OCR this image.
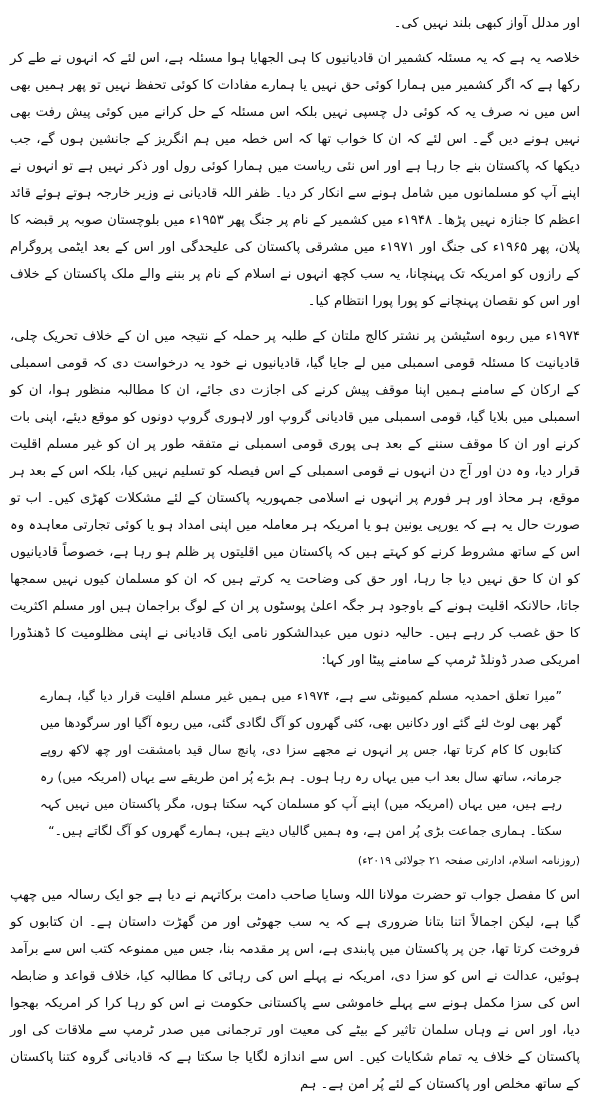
اور مدلل آواز کبھی بلند نہیں کی۔

خلاصہ یہ ہے کہ یہ مسئلہ کشمیر ان قادیانیوں کا ہی الجھایا ہوا مسئلہ ہے، اس لئے کہ انہوں نے طے کر رکھا ہے کہ اگر کشمیر میں ہمارا کوئی حق نہیں یا ہمارے مفادات کا کوئی تحفظ نہیں تو پھر ہمیں بھی اس میں نہ صرف یہ کہ کوئی دل چسپی نہیں بلکہ اس مسئلہ کے حل کرانے میں کوئی پیش رفت بھی نہیں ہونے دیں گے۔ اس لئے کہ ان کا خواب تھا کہ اس خطہ میں ہم انگریز کے جانشین ہوں گے، جب دیکھا کہ پاکستان بنے جا رہا ہے اور اس نئی ریاست میں ہمارا کوئی رول اور ذکر نہیں ہے تو انہوں نے اپنے آپ کو مسلمانوں میں شامل ہونے سے انکار کر دیا۔ ظفر اللہ قادیانی نے وزیر خارجہ ہوتے ہوئے قائد اعظم کا جنازہ نہیں پڑھا۔ ۱۹۴۸ء میں کشمیر کے نام پر جنگ پھر ۱۹۵۳ء میں بلوچستان صوبہ پر قبضہ کا پلان، پھر ۱۹۶۵ء کی جنگ اور ۱۹۷۱ء میں مشرقی پاکستان کی علیحدگی اور اس کے بعد ایٹمی پروگرام کے رازوں کو امریکہ تک پہنچانا، یہ سب کچھ انہوں نے اسلام کے نام پر بننے والے ملک پاکستان کے خلاف اور اس کو نقصان پہنچانے کو پورا پورا انتظام کیا۔

۱۹۷۴ء میں ربوہ اسٹیشن پر نشتر کالج ملتان کے طلبہ پر حملہ کے نتیجہ میں ان کے خلاف تحریک چلی، قادیانیت کا مسئلہ قومی اسمبلی میں لے جایا گیا، قادیانیوں نے خود یہ درخواست دی کہ قومی اسمبلی کے ارکان کے سامنے ہمیں اپنا موقف پیش کرنے کی اجازت دی جائے، ان کا مطالبہ منظور ہوا، ان کو اسمبلی میں بلایا گیا، قومی اسمبلی میں قادیانی گروپ اور لاہوری گروپ دونوں کو موقع دیئے، اپنی بات کرنے اور ان کا موقف سننے کے بعد ہی پوری قومی اسمبلی نے متفقہ طور پر ان کو غیر مسلم اقلیت قرار دیا، وہ دن اور آج دن انہوں نے قومی اسمبلی کے اس فیصلہ کو تسلیم نہیں کیا، بلکہ اس کے بعد ہر موقع، ہر محاذ اور ہر فورم پر انہوں نے اسلامی جمہوریہ پاکستان کے لئے مشکلات کھڑی کیں۔ اب تو صورت حال یہ ہے کہ یورپی یونین ہو یا امریکہ ہر معاملہ میں اپنی امداد ہو یا کوئی تجارتی معاہدہ وہ اس کے ساتھ مشروط کرنے کو کہتے ہیں کہ پاکستان میں اقلیتوں پر ظلم ہو رہا ہے، خصوصاً قادیانیوں کو ان کا حق نہیں دیا جا رہا، اور حق کی وضاحت یہ کرتے ہیں کہ ان کو مسلمان کیوں نہیں سمجھا جاتا، حالانکہ اقلیت ہونے کے باوجود ہر جگہ اعلیٰ پوسٹوں پر ان کے لوگ براجمان ہیں اور مسلم اکثریت کا حق غصب کر رہے ہیں۔ حالیہ دنوں میں عبدالشکور نامی ایک قادیانی نے اپنی مظلومیت کا ڈھنڈورا امریکی صدر ڈونلڈ ٹرمپ کے سامنے پیٹا اور کہا:

”میرا تعلق احمدیہ مسلم کمیونٹی سے ہے، ۱۹۷۴ء میں ہمیں غیر مسلم اقلیت قرار دیا گیا، ہمارے گھر بھی لوٹ لئے گئے اور دکانیں بھی، کئی گھروں کو آگ لگادی گئی، میں ربوہ آگیا اور سرگودھا میں کتابوں کا کام کرتا تھا، جس پر انہوں نے مجھے سزا دی، پانچ سال قید بامشقت اور چھ لاکھ روپے جرمانہ، ساتھ سال بعد اب میں یہاں رہ رہا ہوں۔ ہم بڑے پُر امن طریقے سے یہاں (امریکہ میں) رہ رہے ہیں، میں یہاں (امریکہ میں) اپنے آپ کو مسلمان کہہ سکتا ہوں، مگر پاکستان میں نہیں کہہ سکتا۔ ہماری جماعت بڑی پُر امن ہے، وہ ہمیں گالیاں دیتے ہیں، ہمارے گھروں کو آگ لگاتے ہیں۔“

(روزنامہ اسلام، ادارتی صفحہ ۲۱ جولائی ۲۰۱۹ء)

اس کا مفصل جواب تو حضرت مولانا اللہ وسایا صاحب دامت برکاتہم نے دیا ہے جو ایک رسالہ میں چھپ گیا ہے، لیکن اجمالاً اتنا بتانا ضروری ہے کہ یہ سب جھوٹی اور من گھڑت داستان ہے۔ ان کتابوں کو فروخت کرتا تھا، جن پر پاکستان میں پابندی ہے، اس پر مقدمہ بنا، جس میں ممنوعہ کتب اس سے برآمد ہوئیں، عدالت نے اس کو سزا دی، امریکہ نے پہلے اس کی رہائی کا مطالبہ کیا، خلاف قواعد و ضابطہ اس کی سزا مکمل ہونے سے پہلے خاموشی سے پاکستانی حکومت نے اس کو رہا کرا کر امریکہ بھجوا دیا، اور اس نے وہاں سلمان تاثیر کے بیٹے کی معیت اور ترجمانی میں صدر ٹرمپ سے ملاقات کی اور پاکستان کے خلاف یہ تمام شکایات کیں۔ اس سے اندازہ لگایا جا سکتا ہے کہ قادیانی گروہ کتنا پاکستان کے ساتھ مخلص اور پاکستان کے لئے پُر امن ہے۔ ہم
